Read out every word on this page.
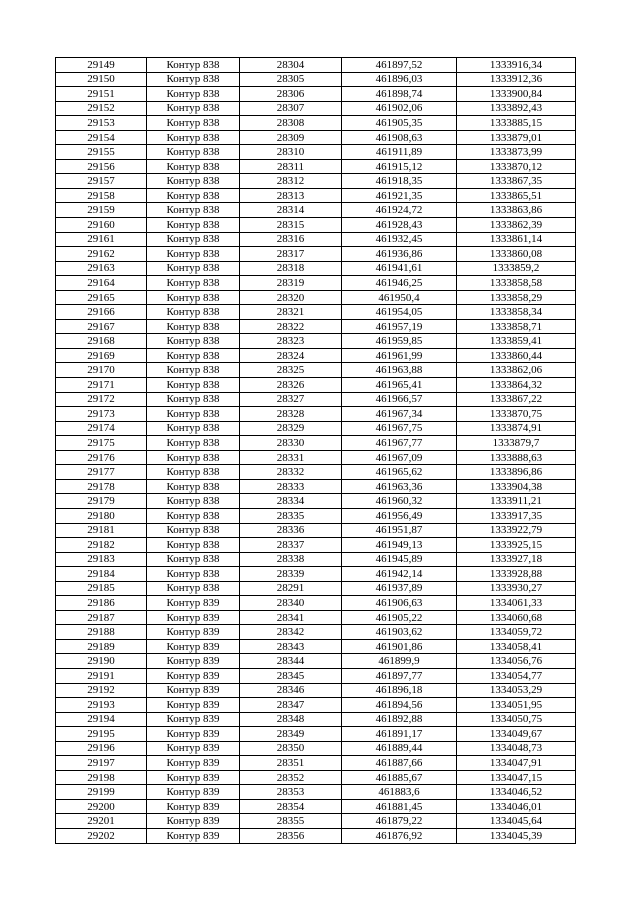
29149	Контур 838	28304	461897,52	1333916,34
29150	Контур 838	28305	461896,03	1333912,36
29151	Контур 838	28306	461898,74	1333900,84
29152	Контур 838	28307	461902,06	1333892,43
29153	Контур 838	28308	461905,35	1333885,15
29154	Контур 838	28309	461908,63	1333879,01
29155	Контур 838	28310	461911,89	1333873,99
29156	Контур 838	28311	461915,12	1333870,12
29157	Контур 838	28312	461918,35	1333867,35
29158	Контур 838	28313	461921,35	1333865,51
29159	Контур 838	28314	461924,72	1333863,86
29160	Контур 838	28315	461928,43	1333862,39
29161	Контур 838	28316	461932,45	1333861,14
29162	Контур 838	28317	461936,86	1333860,08
29163	Контур 838	28318	461941,61	1333859,2
29164	Контур 838	28319	461946,25	1333858,58
29165	Контур 838	28320	461950,4	1333858,29
29166	Контур 838	28321	461954,05	1333858,34
29167	Контур 838	28322	461957,19	1333858,71
29168	Контур 838	28323	461959,85	1333859,41
29169	Контур 838	28324	461961,99	1333860,44
29170	Контур 838	28325	461963,88	1333862,06
29171	Контур 838	28326	461965,41	1333864,32
29172	Контур 838	28327	461966,57	1333867,22
29173	Контур 838	28328	461967,34	1333870,75
29174	Контур 838	28329	461967,75	1333874,91
29175	Контур 838	28330	461967,77	1333879,7
29176	Контур 838	28331	461967,09	1333888,63
29177	Контур 838	28332	461965,62	1333896,86
29178	Контур 838	28333	461963,36	1333904,38
29179	Контур 838	28334	461960,32	1333911,21
29180	Контур 838	28335	461956,49	1333917,35
29181	Контур 838	28336	461951,87	1333922,79
29182	Контур 838	28337	461949,13	1333925,15
29183	Контур 838	28338	461945,89	1333927,18
29184	Контур 838	28339	461942,14	1333928,88
29185	Контур 838	28291	461937,89	1333930,27
29186	Контур 839	28340	461906,63	1334061,33
29187	Контур 839	28341	461905,22	1334060,68
29188	Контур 839	28342	461903,62	1334059,72
29189	Контур 839	28343	461901,86	1334058,41
29190	Контур 839	28344	461899,9	1334056,76
29191	Контур 839	28345	461897,77	1334054,77
29192	Контур 839	28346	461896,18	1334053,29
29193	Контур 839	28347	461894,56	1334051,95
29194	Контур 839	28348	461892,88	1334050,75
29195	Контур 839	28349	461891,17	1334049,67
29196	Контур 839	28350	461889,44	1334048,73
29197	Контур 839	28351	461887,66	1334047,91
29198	Контур 839	28352	461885,67	1334047,15
29199	Контур 839	28353	461883,6	1334046,52
29200	Контур 839	28354	461881,45	1334046,01
29201	Контур 839	28355	461879,22	1334045,64
29202	Контур 839	28356	461876,92	1334045,39
